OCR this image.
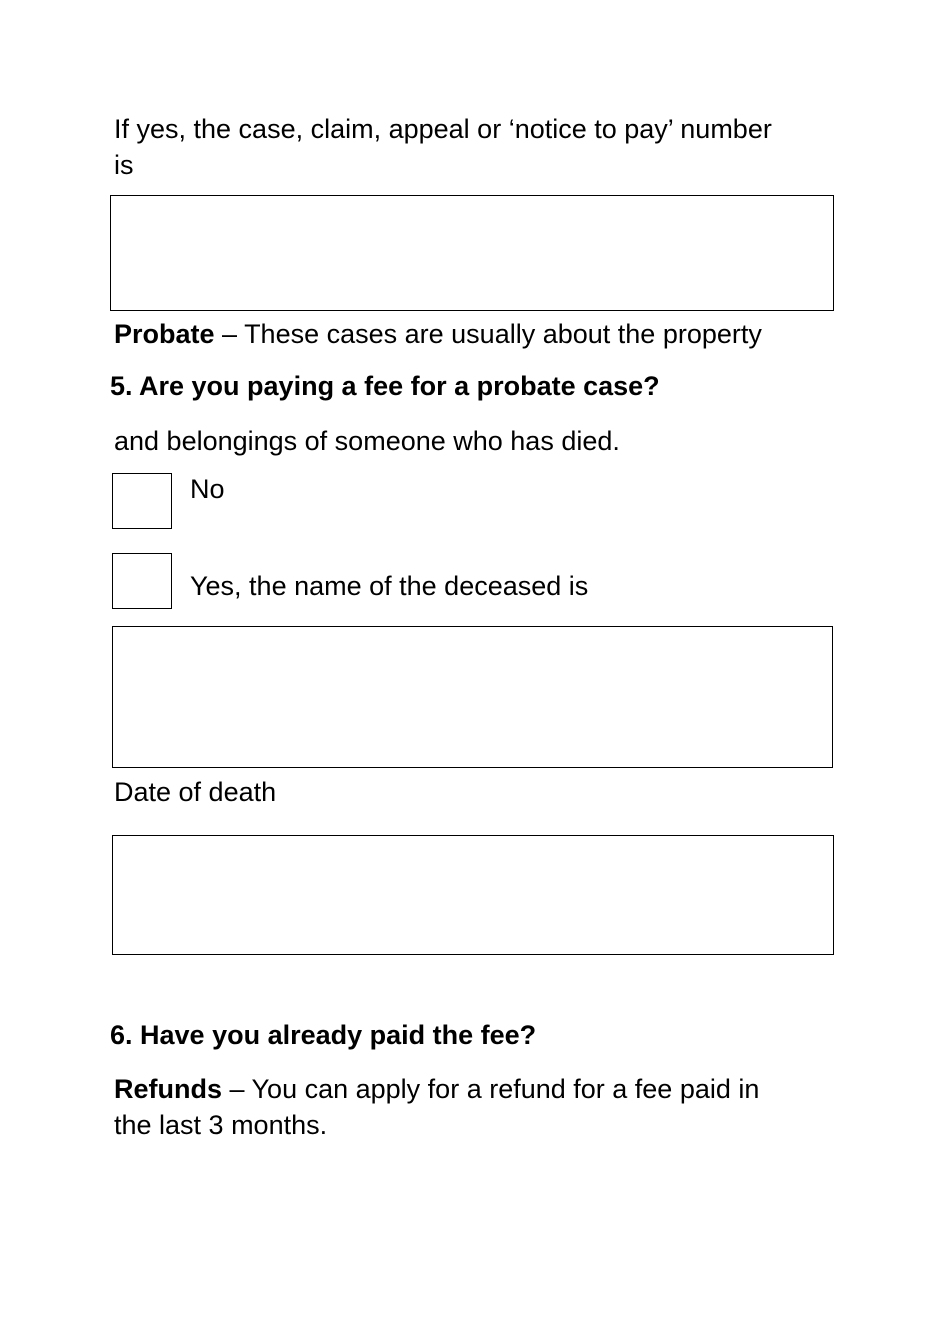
If yes, the case, claim, appeal or ‘notice to pay’ number
is
Probate – These cases are usually about the property
5. Are you paying a fee for a probate case?
and belongings of someone who has died.
No
Yes, the name of the deceased is
Date of death
6. Have you already paid the fee?
Refunds – You can apply for a refund for a fee paid in
the last 3 months.
